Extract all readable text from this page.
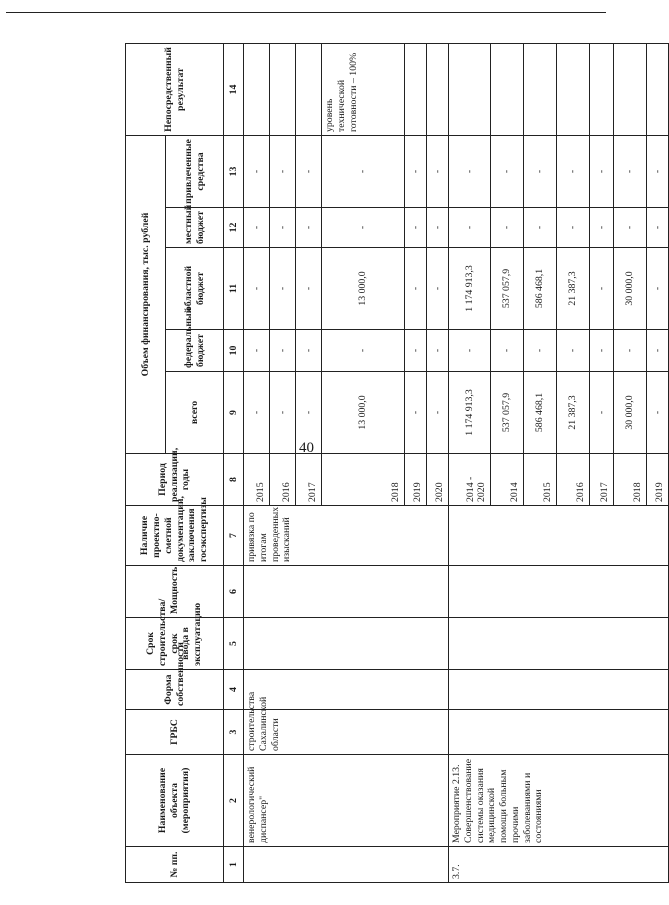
40
№ пп.	Наименование объекта (мероприятия)	ГРБС	Форма собственности	Срок строительства/срок ввода в эксплуатацию	Мощность	Наличие проектно-сметной документации, заключения госэкспертизы	Период реализации, годы	Объем финансирования, тыс. рублей					Непосредственный результат
								всего	федеральный бюджет	областной бюджет	местный бюджет	привлеченные средства	
1	2	3	4	5	6	7	8	9	10	11	12	13	14
	венерологический диспансер"	строительства Сахалинской области				привязка по итогам проведенных изысканий	2015	-	-	-	-	-	
							2016	-	-	-	-	-	
							2017	-	-	-	-	-	
							2018	13 000,0	-	13 000,0	-	-	уровень технической готовности – 100%
							2019	-	-	-	-	-	
							2020	-	-	-	-	-	
3.7.	Мероприятие 2.13. Совершенствование системы оказания медицинской помощи больным прочими заболеваниями и состояниями						2014 - 2020	1 174 913,3	-	1 174 913,3	-	-	
							2014	537 057,9	-	537 057,9	-	-	
							2015	586 468,1	-	586 468,1	-	-	
							2016	21 387,3	-	21 387,3	-	-	
							2017	-	-	-	-	-	
							2018	30 000,0	-	30 000,0	-	-	
							2019	-	-	-	-	-	
